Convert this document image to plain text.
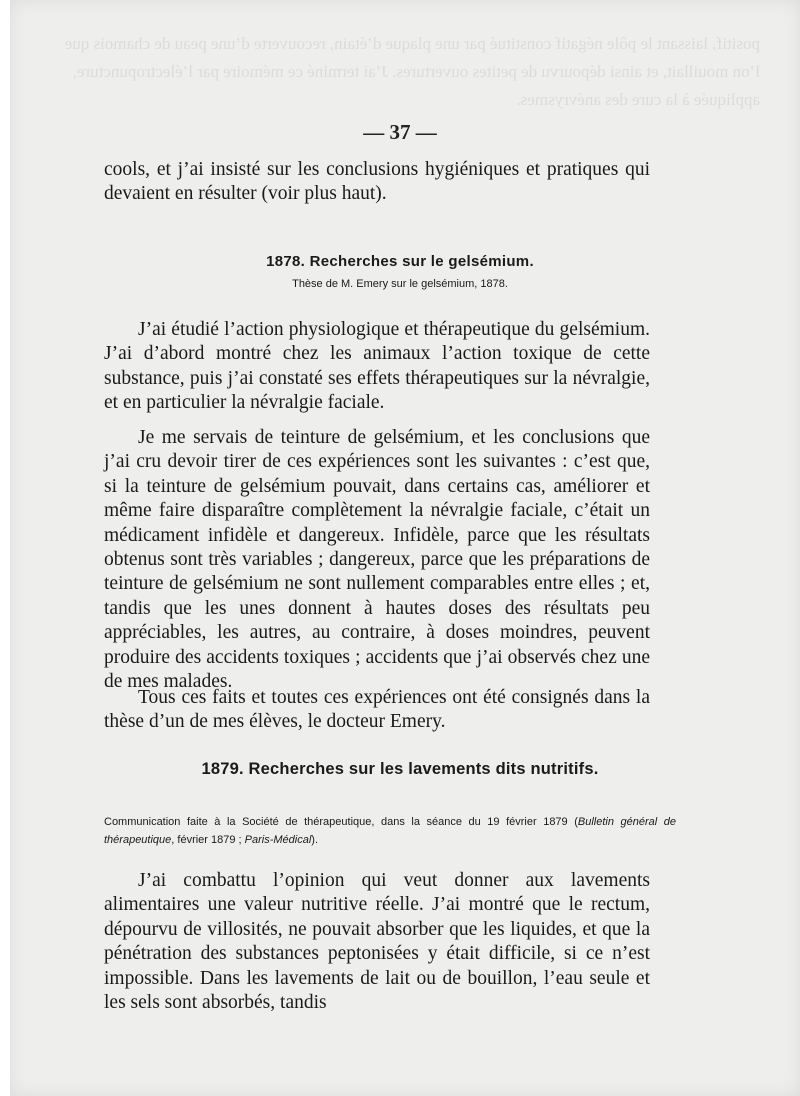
— 37 —
cools, et j’ai insisté sur les conclusions hygiéniques et pratiques qui devaient en résulter (voir plus haut).
1878. Recherches sur le gelsémium.
Thèse de M. Emery sur le gelsémium, 1878.
J’ai étudié l’action physiologique et thérapeutique du gelsémium. J’ai d’abord montré chez les animaux l’action toxique de cette substance, puis j’ai constaté ses effets thérapeutiques sur la névralgie, et en particulier la névralgie faciale.
Je me servais de teinture de gelsémium, et les conclusions que j’ai cru devoir tirer de ces expériences sont les suivantes : c’est que, si la teinture de gelsémium pouvait, dans certains cas, améliorer et même faire disparaître complètement la névralgie faciale, c’était un médicament infidèle et dangereux. Infidèle, parce que les résultats obtenus sont très variables ; dangereux, parce que les préparations de teinture de gelsémium ne sont nullement comparables entre elles ; et, tandis que les unes donnent à hautes doses des résultats peu appréciables, les autres, au contraire, à doses moindres, peuvent produire des accidents toxiques ; accidents que j’ai observés chez une de mes malades.
Tous ces faits et toutes ces expériences ont été consignés dans la thèse d’un de mes élèves, le docteur Emery.
1879. Recherches sur les lavements dits nutritifs.
Communication faite à la Société de thérapeutique, dans la séance du 19 février 1879 (Bulletin général de thérapeutique, février 1879 ; Paris-Médical).
J’ai combattu l’opinion qui veut donner aux lavements alimentaires une valeur nutritive réelle. J’ai montré que le rectum, dépourvu de villosités, ne pouvait absorber que les liquides, et que la pénétration des substances peptonisées y était difficile, si ce n’est impossible. Dans les lavements de lait ou de bouillon, l’eau seule et les sels sont absorbés, tandis
